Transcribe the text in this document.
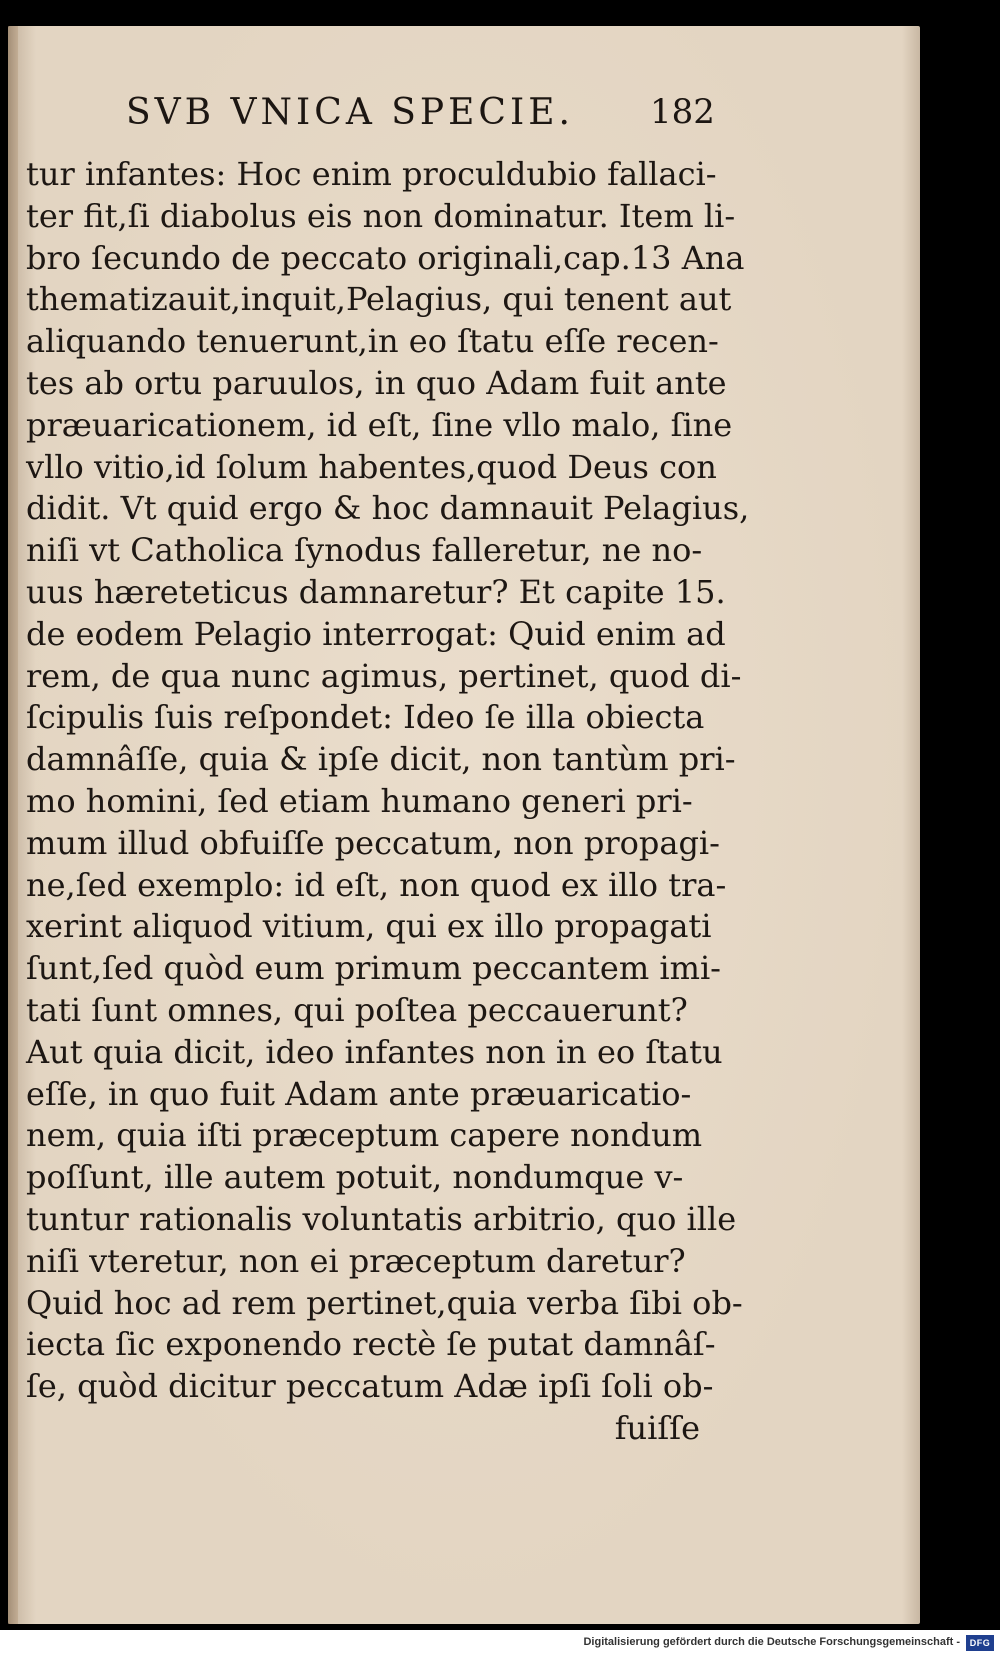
SVB VNICA SPECIE. 182
tur infantes: Hoc enim proculdubio fallaci-
ter fit,ſi diabolus eis non dominatur. Item li-
bro ſecundo de peccato originali,cap.13 Ana
thematizauit,inquit,Pelagius, qui tenent aut
aliquando tenuerunt,in eo ſtatu eſſe recen-
tes ab ortu paruulos, in quo Adam fuit ante
præuaricationem, id eſt, ſine vllo malo, ſine
vllo vitio,id ſolum habentes,quod Deus con
didit. Vt quid ergo & hoc damnauit Pelagius,
niſi vt Catholica ſynodus falleretur, ne no-
uus hæreteticus damnaretur? Et capite 15.
de eodem Pelagio interrogat: Quid enim ad
rem, de qua nunc agimus, pertinet, quod di-
ſcipulis ſuis reſpondet: Ideo ſe illa obiecta
damnâſſe, quia & ipſe dicit, non tantùm pri-
mo homini, ſed etiam humano generi pri-
mum illud obfuiſſe peccatum, non propagi-
ne,ſed exemplo: id eſt, non quod ex illo tra-
xerint aliquod vitium, qui ex illo propagati
ſunt,ſed quòd eum primum peccantem imi-
tati ſunt omnes, qui poſtea peccauerunt?
Aut quia dicit, ideo infantes non in eo ſtatu
eſſe, in quo fuit Adam ante præuaricatio-
nem, quia iſti præceptum capere nondum
poſſunt, ille autem potuit, nondumque v-
tuntur rationalis voluntatis arbitrio, quo ille
niſi vteretur, non ei præceptum daretur?
Quid hoc ad rem pertinet,quia verba ſibi ob-
iecta ſic exponendo rectè ſe putat damnâſ-
ſe, quòd dicitur peccatum Adæ ipſi ſoli ob-
fuiſſe
Digitalisierung gefördert durch die Deutsche Forschungsgemeinschaft -	DFG
